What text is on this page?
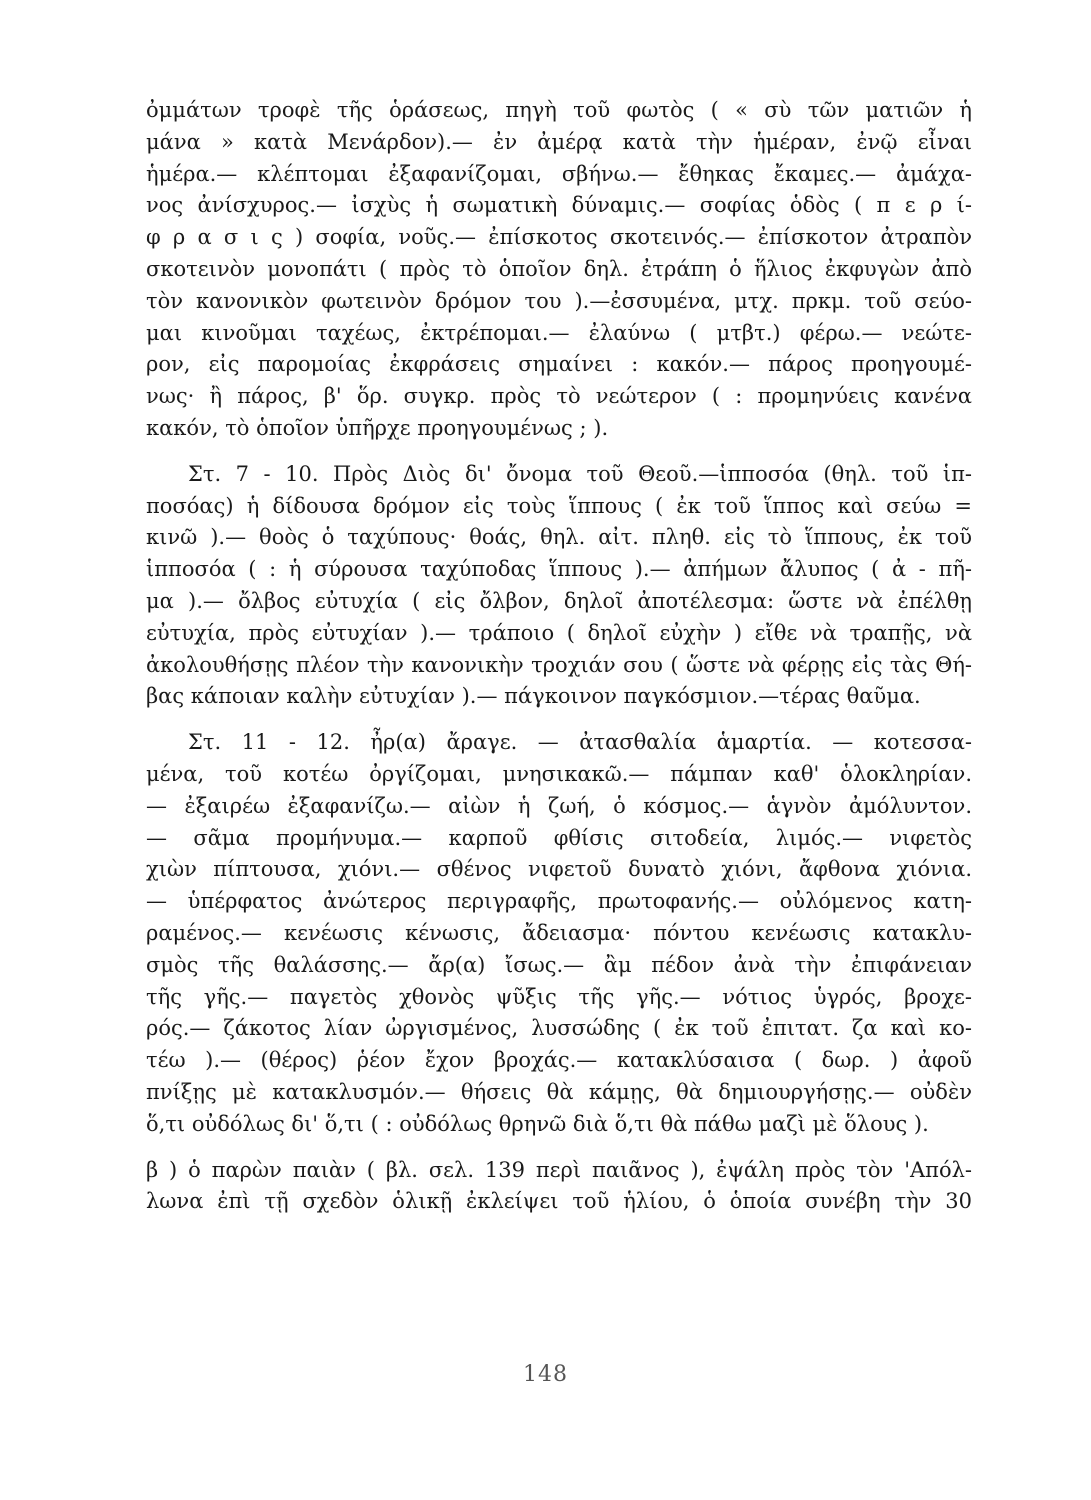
ὀμμάτων τροφὲ τῆς ὁράσεως, πηγὴ τοῦ φωτὸς ( « σὺ τῶν ματιῶν ἡ
μάνα » κατὰ Μενάρδον).— ἐν ἀμέρᾳ κατὰ τὴν ἡμέραν, ἐνῷ εἶναι
ἡμέρα.— κλέπτομαι ἐξαφανίζομαι, σβήνω.— ἔθηκας ἔκαμες.— ἀμάχα-
νος ἀνίσχυρος.— ἰσχὺς ἡ σωματικὴ δύναμις.— σοφίας ὁδὸς ( π ε ρ ί-
φ ρ α σ ι ς ) σοφία, νοῦς.— ἐπίσκοτος σκοτεινός.— ἐπίσκοτον ἀτραπὸν
σκοτεινὸν μονοπάτι ( πρὸς τὸ ὁποῖον δηλ. ἐτράπη ὁ ἥλιος ἐκφυγὼν ἀπὸ
τὸν κανονικὸν φωτεινὸν δρόμον του ).—ἐσσυμένα, μτχ. πρκμ. τοῦ σεύο-
μαι κινοῦμαι ταχέως, ἐκτρέπομαι.— ἐλαύνω ( μτβτ.) φέρω.— νεώτε-
ρον, εἰς παρομοίας ἐκφράσεις σημαίνει : κακόν.— πάρος προηγουμέ-
νως· ἢ πάρος, β' ὅρ. συγκρ. πρὸς τὸ νεώτερον ( : προμηνύεις κανένα
κακόν, τὸ ὁποῖον ὑπῆρχε προηγουμένως ; ).

Στ. 7 - 10. Πρὸς Διὸς δι' ὄνομα τοῦ Θεοῦ.—ἱπποσόα (θηλ. τοῦ ἱπ-
ποσόας) ἡ δίδουσα δρόμον εἰς τοὺς ἵππους ( ἐκ τοῦ ἵππος καὶ σεύω =
κινῶ ).— θοὸς ὁ ταχύπους· θοάς, θηλ. αἰτ. πληθ. εἰς τὸ ἵππους, ἐκ τοῦ
ἱπποσόα ( : ἡ σύρουσα ταχύποδας ἵππους ).— ἀπήμων ἄλυπος ( ἀ - πῆ-
μα ).— ὄλβος εὐτυχία ( εἰς ὄλβον, δηλοῖ ἀποτέλεσμα: ὥστε νὰ ἐπέλθῃ
εὐτυχία, πρὸς εὐτυχίαν ).— τράποιο ( δηλοῖ εὐχὴν ) εἴθε νὰ τραπῇς, νὰ
ἀκολουθήσῃς πλέον τὴν κανονικὴν τροχιάν σου ( ὥστε νὰ φέρῃς εἰς τὰς Θή-
βας κάποιαν καλὴν εὐτυχίαν ).— πάγκοινον παγκόσμιον.—τέρας θαῦμα.

Στ. 11 - 12. ἦρ(α) ἄραγε. — ἀτασθαλία ἁμαρτία. — κοτεσσα-
μένα, τοῦ κοτέω ὀργίζομαι, μνησικακῶ.— πάμπαν καθ' ὁλοκληρίαν.
— ἐξαιρέω ἐξαφανίζω.— αἰὼν ἡ ζωή, ὁ κόσμος.— ἁγνὸν ἀμόλυντον.
— σᾶμα προμήνυμα.— καρποῦ φθίσις σιτοδεία, λιμός.— νιφετὸς
χιὼν πίπτουσα, χιόνι.— σθένος νιφετοῦ δυνατὸ χιόνι, ἄφθονα χιόνια.
— ὑπέρφατος ἀνώτερος περιγραφῆς, πρωτοφανής.— οὐλόμενος κατη-
ραμένος.— κενέωσις κένωσις, ἄδειασμα· πόντου κενέωσις κατακλυ-
σμὸς τῆς θαλάσσης.— ἄρ(α) ἴσως.— ἂμ πέδον ἀνὰ τὴν ἐπιφάνειαν
τῆς γῆς.— παγετὸς χθονὸς ψῦξις τῆς γῆς.— νότιος ὑγρός, βροχε-
ρός.— ζάκοτος λίαν ὠργισμένος, λυσσώδης ( ἐκ τοῦ ἐπιτατ. ζα καὶ κο-
τέω ).— (θέρος) ῥέον ἔχον βροχάς.— κατακλύσαισα ( δωρ. ) ἀφοῦ
πνίξῃς μὲ κατακλυσμόν.— θήσεις θὰ κάμῃς, θὰ δημιουργήσῃς.— οὐδὲν
ὅ,τι οὐδόλως δι' ὅ,τι ( : οὐδόλως θρηνῶ διὰ ὅ,τι θὰ πάθω μαζὶ μὲ ὅλους ).

β ) ὁ παρὼν παιὰν ( βλ. σελ. 139 περὶ παιᾶνος ), ἐψάλη πρὸς τὸν 'Απόλ-
λωνα ἐπὶ τῇ σχεδὸν ὁλικῇ ἐκλείψει τοῦ ἡλίου, ὁ ὁποία συνέβη τὴν 30

148
